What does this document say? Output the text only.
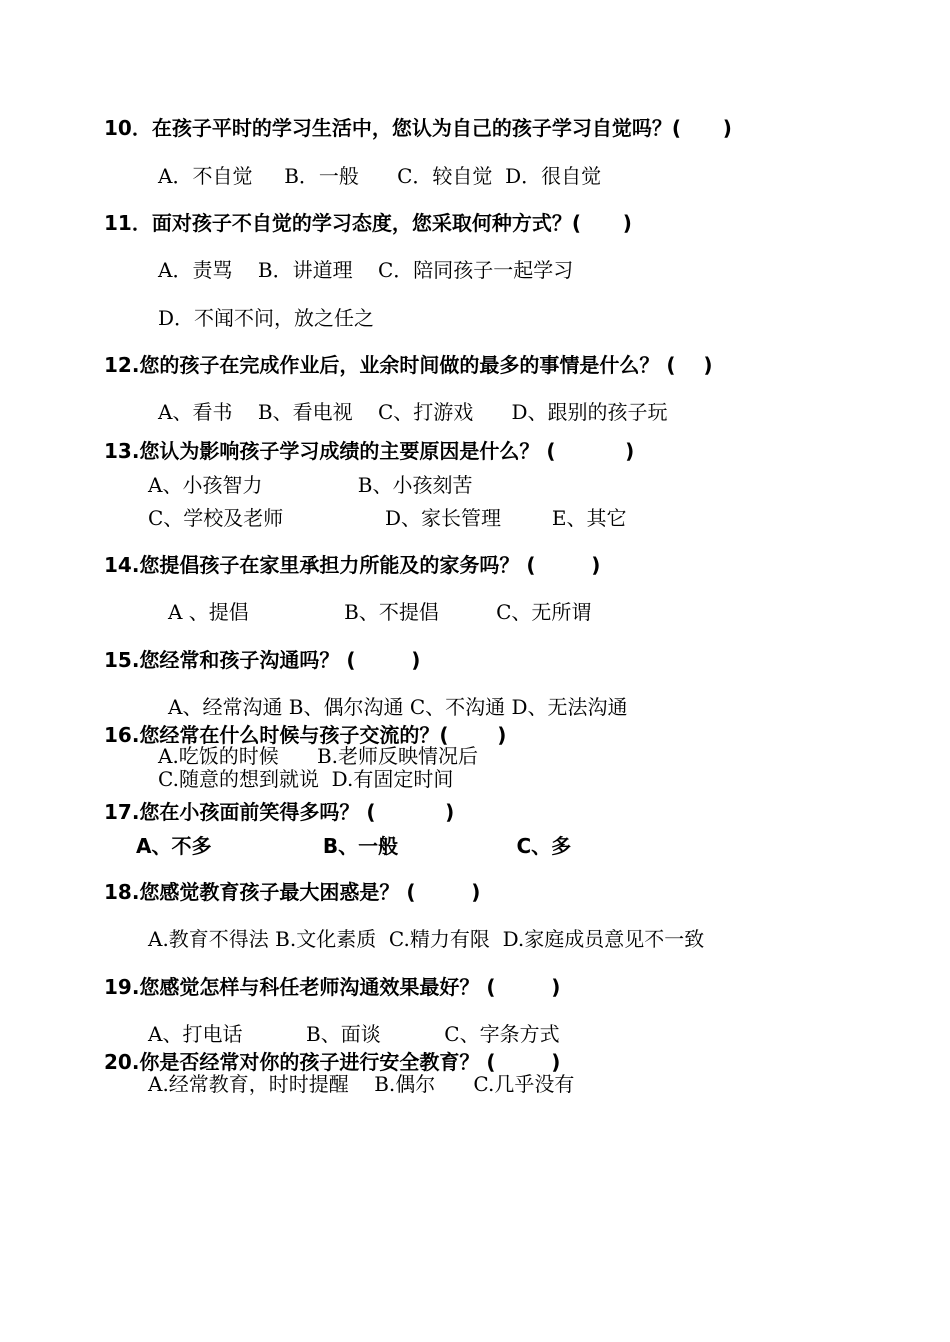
10．在孩子平时的学习生活中，您认为自己的孩子学习自觉吗？(      )
A．不自觉     B．一般      C．较自觉  D．很自觉
11．面对孩子不自觉的学习态度，您采取何种方式？(      )
A．责骂    B．讲道理    C．陪同孩子一起学习
D．不闻不问，放之任之
12.您的孩子在完成作业后，业余时间做的最多的事情是什么？ (    )
A、看书    B、看电视    C、打游戏      D、跟别的孩子玩
13.您认为影响孩子学习成绩的主要原因是什么？ (          )
A、小孩智力               B、小孩刻苦
C、学校及老师                D、家长管理        E、其它
14.您提倡孩子在家里承担力所能及的家务吗？ (        )
A 、提倡               B、不提倡         C、无所谓
15.您经常和孩子沟通吗？ (        )
A、经常沟通 B、偶尔沟通 C、不沟通 D、无法沟通
16.您经常在什么时候与孩子交流的？(       )
A.吃饭的时候      B.老师反映情况后
C.随意的想到就说  D.有固定时间
17.您在小孩面前笑得多吗？ (          )
A、不多                B、一般                 C、多
18.您感觉教育孩子最大困惑是？ (        )
A.教育不得法 B.文化素质  C.精力有限  D.家庭成员意见不一致
19.您感觉怎样与科任老师沟通效果最好？ (        )
A、打电话          B、面谈          C、字条方式
20.你是否经常对你的孩子进行安全教育？ (        )
A.经常教育，时时提醒    B.偶尔      C.几乎没有
